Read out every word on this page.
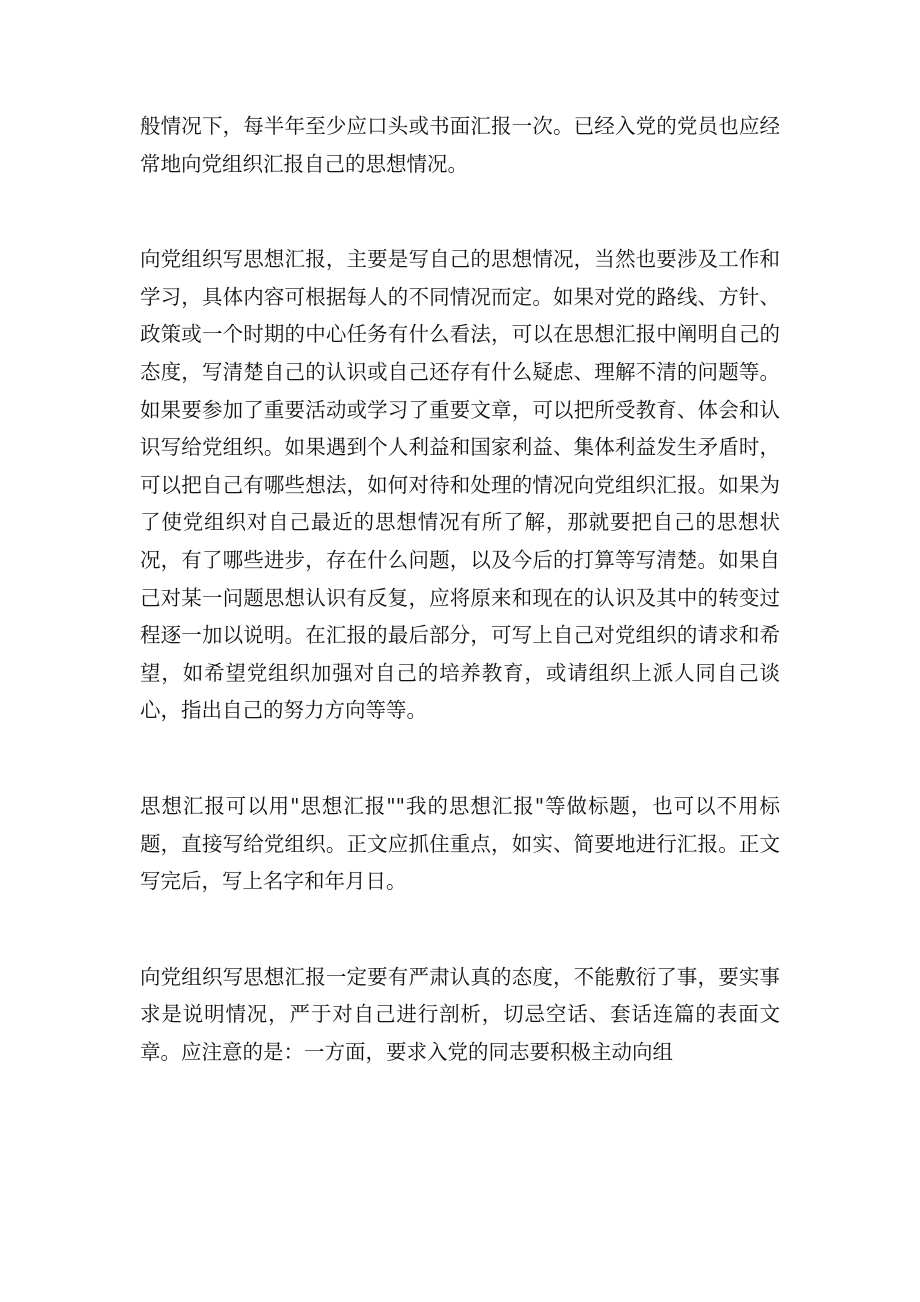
般情况下，每半年至少应口头或书面汇报一次。已经入党的党员也应经常地向党组织汇报自己的思想情况。

向党组织写思想汇报，主要是写自己的思想情况，当然也要涉及工作和学习，具体内容可根据每人的不同情况而定。如果对党的路线、方针、政策或一个时期的中心任务有什么看法，可以在思想汇报中阐明自己的态度，写清楚自己的认识或自己还存有什么疑虑、理解不清的问题等。如果要参加了重要活动或学习了重要文章，可以把所受教育、体会和认识写给党组织。如果遇到个人利益和国家利益、集体利益发生矛盾时，可以把自己有哪些想法，如何对待和处理的情况向党组织汇报。如果为了使党组织对自己最近的思想情况有所了解，那就要把自己的思想状况，有了哪些进步，存在什么问题，以及今后的打算等写清楚。如果自己对某一问题思想认识有反复，应将原来和现在的认识及其中的转变过程逐一加以说明。在汇报的最后部分，可写上自己对党组织的请求和希望，如希望党组织加强对自己的培养教育，或请组织上派人同自己谈心，指出自己的努力方向等等。

思想汇报可以用"思想汇报""我的思想汇报"等做标题，也可以不用标题，直接写给党组织。正文应抓住重点，如实、简要地进行汇报。正文写完后，写上名字和年月日。

向党组织写思想汇报一定要有严肃认真的态度，不能敷衍了事，要实事求是说明情况，严于对自己进行剖析，切忌空话、套话连篇的表面文章。应注意的是：一方面，要求入党的同志要积极主动向组
